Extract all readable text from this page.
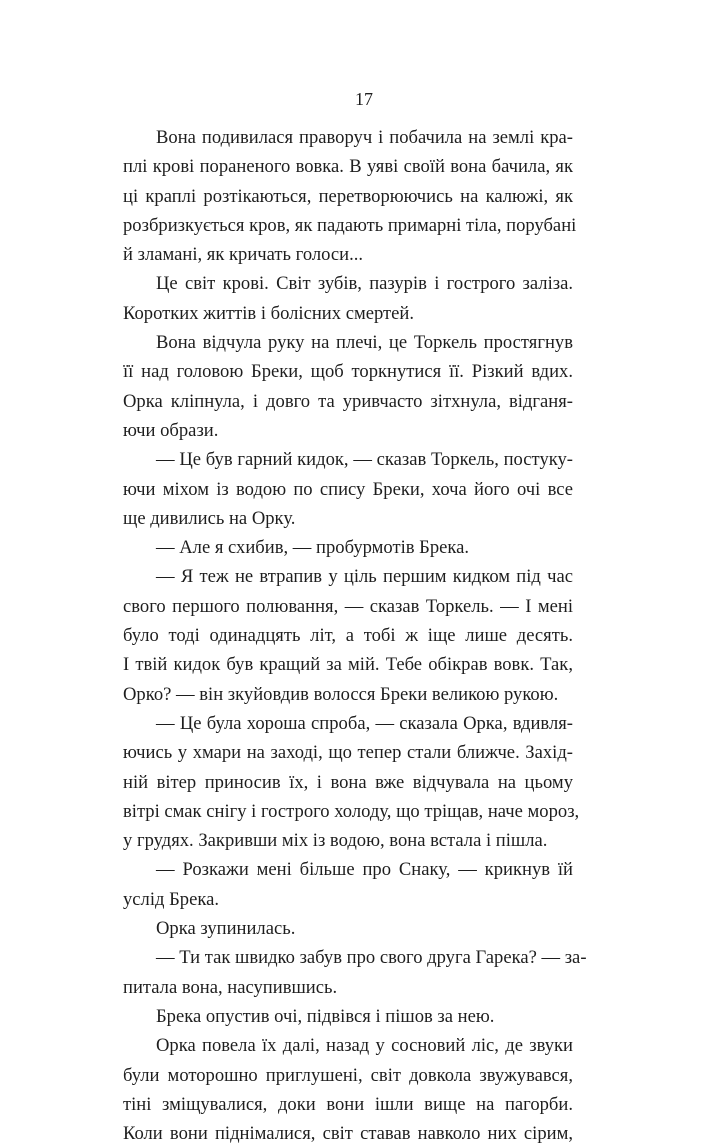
17
Вона подивилася праворуч і побачила на землі кра-
плі крові пораненого вовка. В уяві своїй вона бачила, як
ці краплі розтікаються, перетворюючись на калюжі, як
розбризкується кров, як падають примарні тіла, порубані
й зламані, як кричать голоси...
Це світ крові. Світ зубів, пазурів і гострого заліза.
Коротких життів і болісних смертей.
Вона відчула руку на плечі, це Торкель простягнув
її над головою Бреки, щоб торкнутися її. Різкий вдих.
Орка кліпнула, і довго та уривчасто зітхнула, відганя-
ючи образи.
— Це був гарний кидок, — сказав Торкель, постуку-
ючи міхом із водою по спису Бреки, хоча його очі все
ще дивились на Орку.
— Але я схибив, — пробурмотів Брека.
— Я теж не втрапив у ціль першим кидком під час
свого першого полювання, — сказав Торкель. — І мені
було тоді одинадцять літ, а тобі ж іще лише десять.
І твій кидок був кращий за мій. Тебе обікрав вовк. Так,
Орко? — він зкуйовдив волосся Бреки великою рукою.
— Це була хороша спроба, — сказала Орка, вдивля-
ючись у хмари на заході, що тепер стали ближче. Захід-
ній вітер приносив їх, і вона вже відчувала на цьому
вітрі смак снігу і гострого холоду, що тріщав, наче мороз,
у грудях. Закривши міх із водою, вона встала і пішла.
— Розкажи мені більше про Снаку, — крикнув їй
услід Брека.
Орка зупинилась.
— Ти так швидко забув про свого друга Гарека? — за-
питала вона, насупившись.
Брека опустив очі, підвівся і пішов за нею.
Орка повела їх далі, назад у сосновий ліс, де звуки
були моторошно приглушені, світ довкола звужувався,
тіні зміщувалися, доки вони ішли вище на пагорби.
Коли вони піднімалися, світ ставав навколо них сірим,
